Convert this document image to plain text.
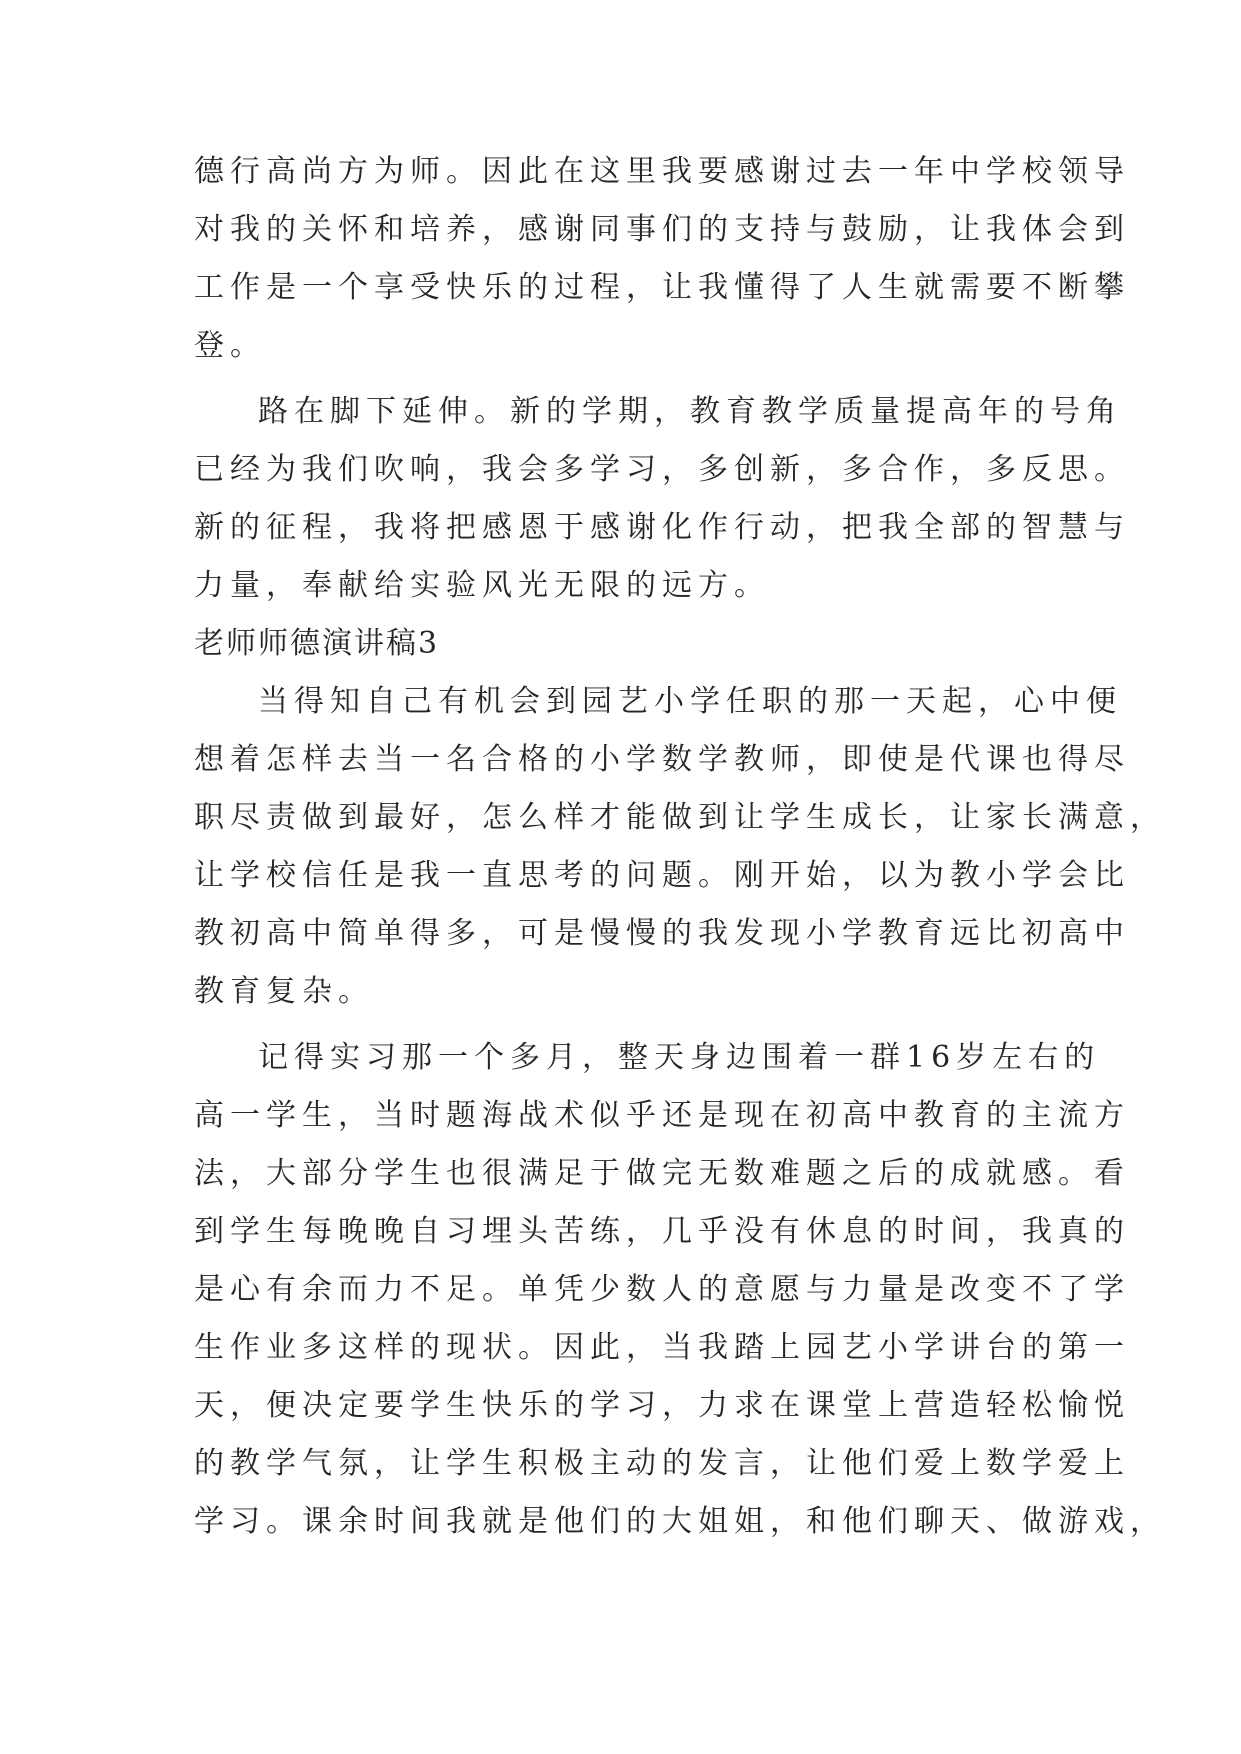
德行高尚方为师。因此在这里我要感谢过去一年中学校领导
对我的关怀和培养，感谢同事们的支持与鼓励，让我体会到
工作是一个享受快乐的过程，让我懂得了人生就需要不断攀
登。
路在脚下延伸。新的学期，教育教学质量提高年的号角
已经为我们吹响，我会多学习，多创新，多合作，多反思。
新的征程，我将把感恩于感谢化作行动，把我全部的智慧与
力量，奉献给实验风光无限的远方。
老师师德演讲稿3
当得知自己有机会到园艺小学任职的那一天起，心中便
想着怎样去当一名合格的小学数学教师，即使是代课也得尽
职尽责做到最好，怎么样才能做到让学生成长，让家长满意，
让学校信任是我一直思考的问题。刚开始，以为教小学会比
教初高中简单得多，可是慢慢的我发现小学教育远比初高中
教育复杂。
记得实习那一个多月，整天身边围着一群16岁左右的
高一学生，当时题海战术似乎还是现在初高中教育的主流方
法，大部分学生也很满足于做完无数难题之后的成就感。看
到学生每晚晚自习埋头苦练，几乎没有休息的时间，我真的
是心有余而力不足。单凭少数人的意愿与力量是改变不了学
生作业多这样的现状。因此，当我踏上园艺小学讲台的第一
天，便决定要学生快乐的学习，力求在课堂上营造轻松愉悦
的教学气氛，让学生积极主动的发言，让他们爱上数学爱上
学习。课余时间我就是他们的大姐姐，和他们聊天、做游戏，
